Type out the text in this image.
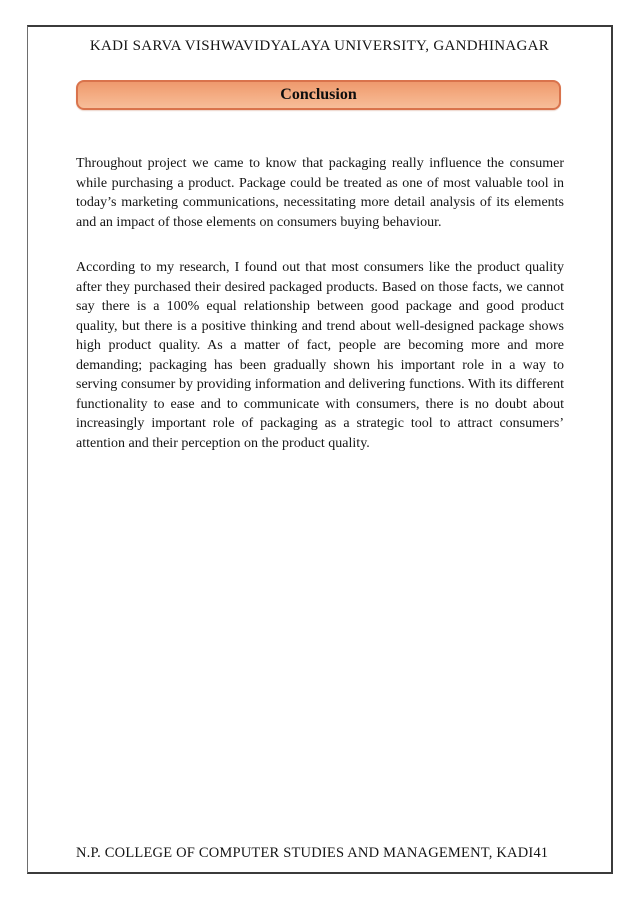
KADI SARVA VISHWAVIDYALAYA UNIVERSITY, GANDHINAGAR
Conclusion

Throughout project we came to know that packaging really influence the consumer while purchasing a product. Package could be treated as one of most valuable tool in today’s marketing communications, necessitating more detail analysis of its elements and an impact of those elements on consumers buying behaviour.

According to my research, I found out that most consumers like the product quality after they purchased their desired packaged products. Based on those facts, we cannot say there is a 100% equal relationship between good package and good product quality, but there is a positive thinking and trend about well-designed package shows high product quality. As a matter of fact, people are becoming more and more demanding; packaging has been gradually shown his important role in a way to serving consumer by providing information and delivering functions. With its different functionality to ease and to communicate with consumers, there is no doubt about increasingly important role of packaging as a strategic tool to attract consumers’ attention and their perception on the product quality.

N.P. COLLEGE OF COMPUTER STUDIES AND MANAGEMENT, KADI 41
